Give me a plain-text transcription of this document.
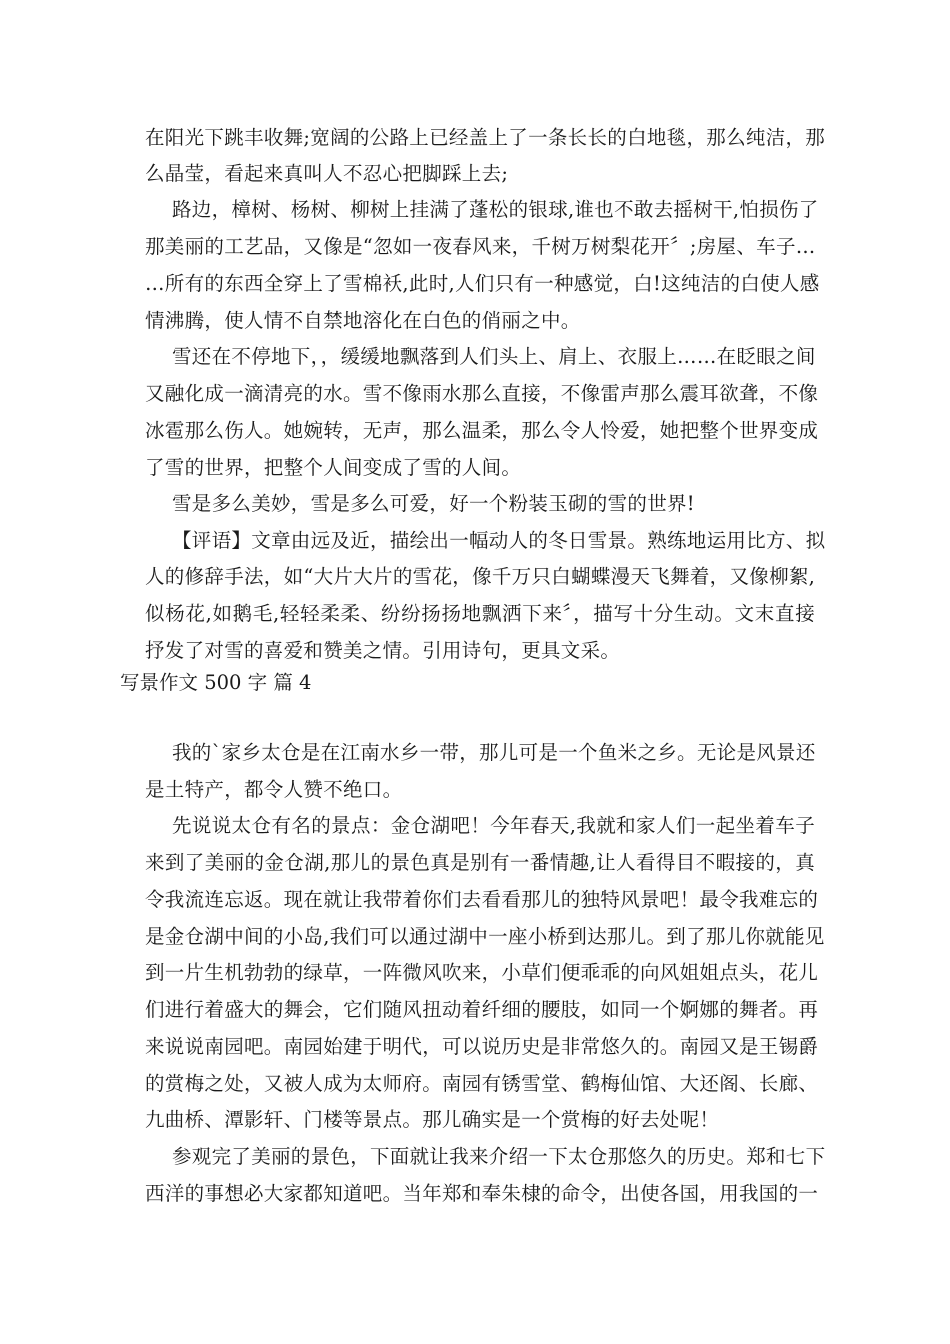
在阳光下跳丰收舞;宽阔的公路上已经盖上了一条长长的白地毯，那么纯洁，那
么晶莹，看起来真叫人不忍心把脚踩上去;
路边，樟树、杨树、柳树上挂满了蓬松的银球,谁也不敢去摇树干,怕损伤了
那美丽的工艺品，又像是“忽如一夜春风来，千树万树梨花开〞;房屋、车子…
…所有的东西全穿上了雪棉袄,此时,人们只有一种感觉，白!这纯洁的白使人感
情沸腾，使人情不自禁地溶化在白色的俏丽之中。
雪还在不停地下，，缓缓地飘落到人们头上、肩上、衣服上……在眨眼之间
又融化成一滴清亮的水。雪不像雨水那么直接，不像雷声那么震耳欲聋，不像
冰雹那么伤人。她婉转，无声，那么温柔，那么令人怜爱，她把整个世界变成
了雪的世界，把整个人间变成了雪的人间。
雪是多么美妙，雪是多么可爱，好一个粉装玉砌的雪的世界!
【评语】文章由远及近，描绘出一幅动人的冬日雪景。熟练地运用比方、拟
人的修辞手法，如“大片大片的雪花，像千万只白蝴蝶漫天飞舞着，又像柳絮,
似杨花,如鹅毛,轻轻柔柔、纷纷扬扬地飘洒下来〞，描写十分生动。文末直接
抒发了对雪的喜爱和赞美之情。引用诗句，更具文采。
写景作文 500 字 篇 4
我的`家乡太仓是在江南水乡一带，那儿可是一个鱼米之乡。无论是风景还
是土特产，都令人赞不绝口。
先说说太仓有名的景点：金仓湖吧！今年春天,我就和家人们一起坐着车子
来到了美丽的金仓湖,那儿的景色真是别有一番情趣,让人看得目不暇接的，真
令我流连忘返。现在就让我带着你们去看看那儿的独特风景吧！最令我难忘的
是金仓湖中间的小岛,我们可以通过湖中一座小桥到达那儿。到了那儿你就能见
到一片生机勃勃的绿草，一阵微风吹来，小草们便乖乖的向风姐姐点头，花儿
们进行着盛大的舞会，它们随风扭动着纤细的腰肢，如同一个婀娜的舞者。再
来说说南园吧。南园始建于明代，可以说历史是非常悠久的。南园又是王锡爵
的赏梅之处，又被人成为太师府。南园有锈雪堂、鹤梅仙馆、大还阁、长廊、
九曲桥、潭影轩、门楼等景点。那儿确实是一个赏梅的好去处呢！
参观完了美丽的景色，下面就让我来介绍一下太仓那悠久的历史。郑和七下
西洋的事想必大家都知道吧。当年郑和奉朱棣的命令，出使各国，用我国的一
